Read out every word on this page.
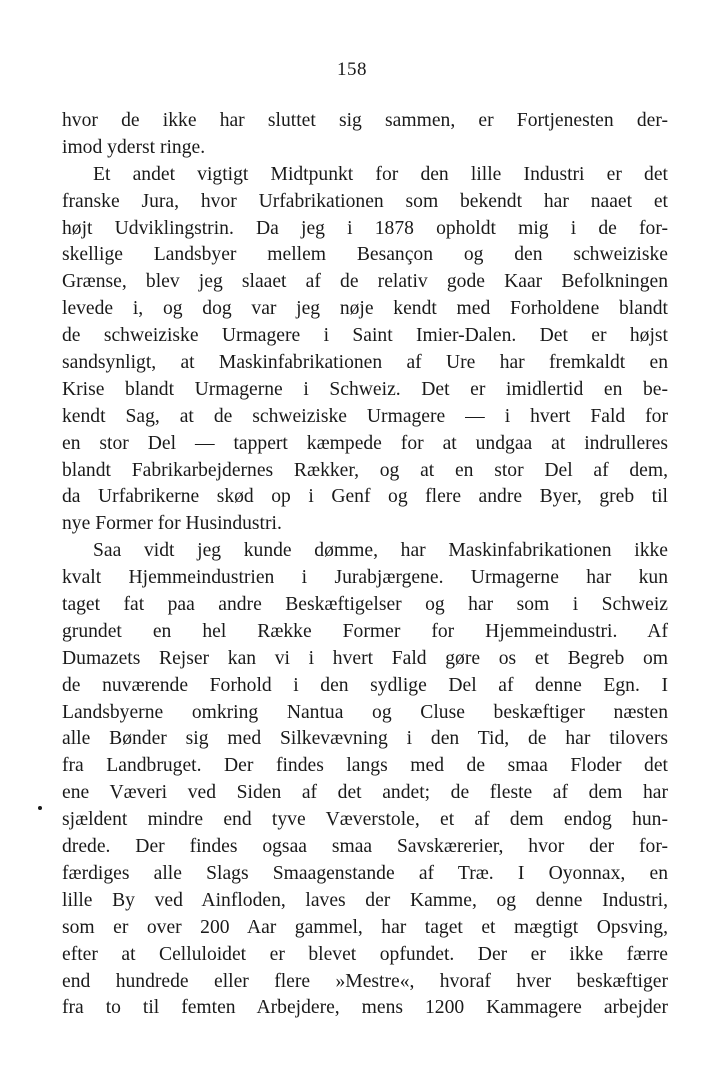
158
hvor de ikke har sluttet sig sammen, er Fortjenesten der-
imod yderst ringe.
Et andet vigtigt Midtpunkt for den lille Industri er det
franske Jura, hvor Urfabrikationen som bekendt har naaet et
højt Udviklingstrin. Da jeg i 1878 opholdt mig i de for-
skellige Landsbyer mellem Besançon og den schweiziske
Grænse, blev jeg slaaet af de relativ gode Kaar Befolkningen
levede i, og dog var jeg nøje kendt med Forholdene blandt
de schweiziske Urmagere i Saint Imier-Dalen. Det er højst
sandsynligt, at Maskinfabrikationen af Ure har fremkaldt en
Krise blandt Urmagerne i Schweiz. Det er imidlertid en be-
kendt Sag, at de schweiziske Urmagere — i hvert Fald for
en stor Del — tappert kæmpede for at undgaa at indrulleres
blandt Fabrikarbejdernes Rækker, og at en stor Del af dem,
da Urfabrikerne skød op i Genf og flere andre Byer, greb til
nye Former for Husindustri.
Saa vidt jeg kunde dømme, har Maskinfabrikationen ikke
kvalt Hjemmeindustrien i Jurabjærgene. Urmagerne har kun
taget fat paa andre Beskæftigelser og har som i Schweiz
grundet en hel Række Former for Hjemmeindustri. Af
Dumazets Rejser kan vi i hvert Fald gøre os et Begreb om
de nuværende Forhold i den sydlige Del af denne Egn. I
Landsbyerne omkring Nantua og Cluse beskæftiger næsten
alle Bønder sig med Silkevævning i den Tid, de har tilovers
fra Landbruget. Der findes langs med de smaa Floder det
ene Væveri ved Siden af det andet; de fleste af dem har
sjældent mindre end tyve Væverstole, et af dem endog hun-
drede. Der findes ogsaa smaa Savskærerier, hvor der for-
færdiges alle Slags Smaagenstande af Træ. I Oyonnax, en
lille By ved Ainfloden, laves der Kamme, og denne Industri,
som er over 200 Aar gammel, har taget et mægtigt Opsving,
efter at Celluloidet er blevet opfundet. Der er ikke færre
end hundrede eller flere »Mestre«, hvoraf hver beskæftiger
fra to til femten Arbejdere, mens 1200 Kammagere arbejder
